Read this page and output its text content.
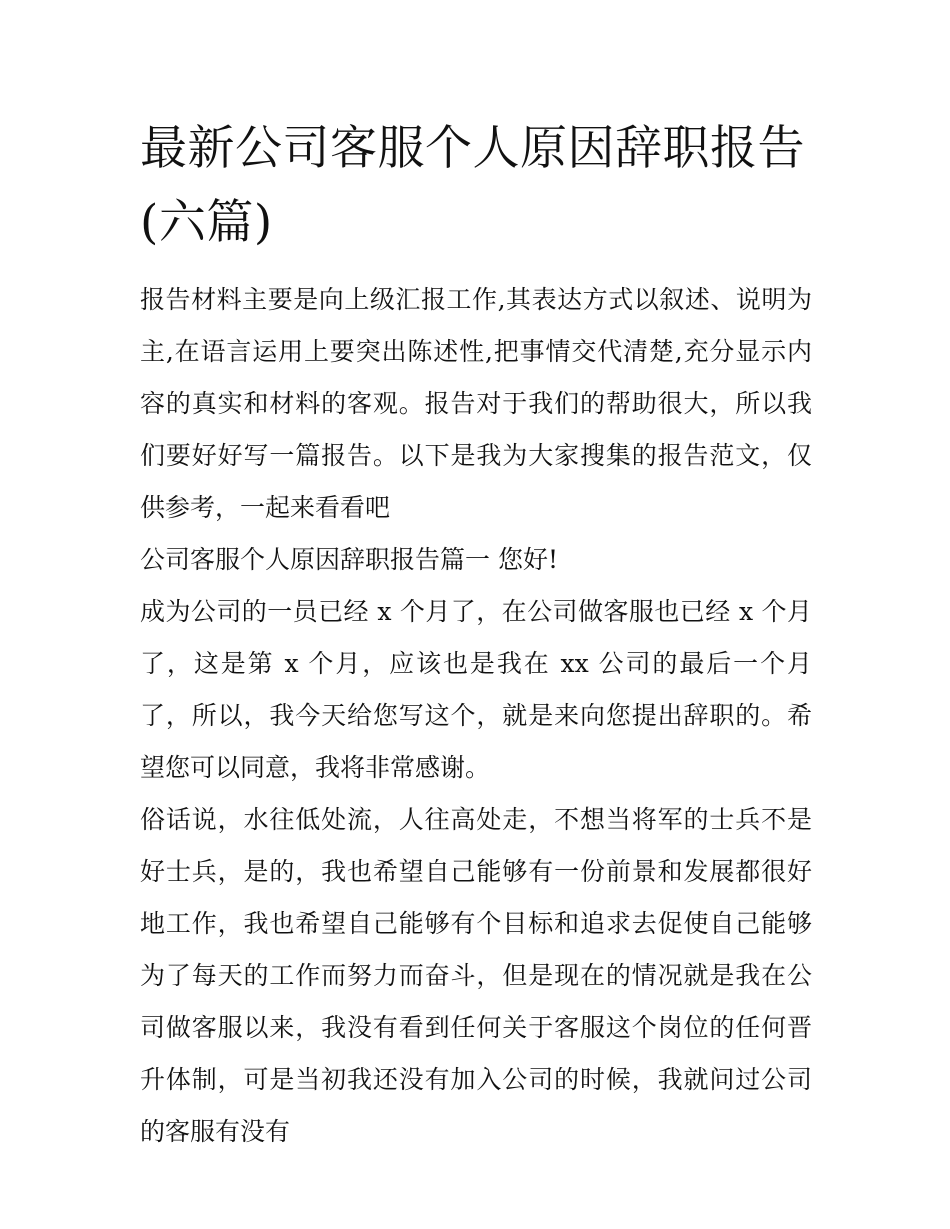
最新公司客服个人原因辞职报告(六篇)

报告材料主要是向上级汇报工作,其表达方式以叙述、说明为主,在语言运用上要突出陈述性,把事情交代清楚,充分显示内容的真实和材料的客观。报告对于我们的帮助很大，所以我们要好好写一篇报告。以下是我为大家搜集的报告范文，仅供参考，一起来看看吧

公司客服个人原因辞职报告篇一 您好!

成为公司的一员已经 x 个月了，在公司做客服也已经 x 个月了，这是第 x 个月，应该也是我在 xx 公司的最后一个月了，所以，我今天给您写这个，就是来向您提出辞职的。希望您可以同意，我将非常感谢。

俗话说，水往低处流，人往高处走，不想当将军的士兵不是好士兵，是的，我也希望自己能够有一份前景和发展都很好地工作，我也希望自己能够有个目标和追求去促使自己能够为了每天的工作而努力而奋斗，但是现在的情况就是我在公司做客服以来，我没有看到任何关于客服这个岗位的任何晋升体制，可是当初我还没有加入公司的时候，我就问过公司的客服有没有
